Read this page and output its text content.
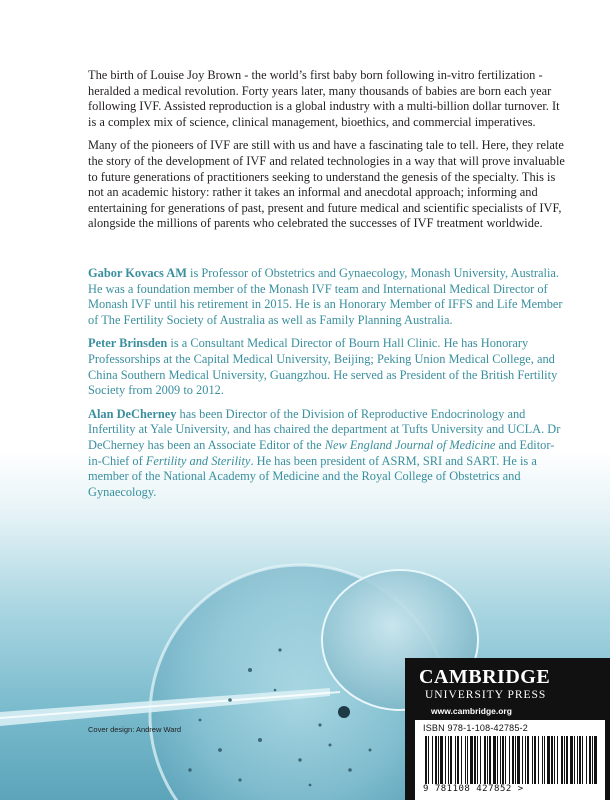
The birth of Louise Joy Brown - the world’s first baby born following in-vitro fertilization - heralded a medical revolution. Forty years later, many thousands of babies are born each year following IVF. Assisted reproduction is a global industry with a multi-billion dollar turnover. It is a complex mix of science, clinical management, bioethics, and commercial imperatives.

Many of the pioneers of IVF are still with us and have a fascinating tale to tell. Here, they relate the story of the development of IVF and related technologies in a way that will prove invaluable to future generations of practitioners seeking to understand the genesis of the specialty. This is not an academic history: rather it takes an informal and anecdotal approach; informing and entertaining for generations of past, present and future medical and scientific specialists of IVF, alongside the millions of parents who celebrated the successes of IVF treatment worldwide.

Gabor Kovacs AM is Professor of Obstetrics and Gynaecology, Monash University, Australia. He was a foundation member of the Monash IVF team and International Medical Director of Monash IVF until his retirement in 2015. He is an Honorary Member of IFFS and Life Member of The Fertility Society of Australia as well as Family Planning Australia.

Peter Brinsden is a Consultant Medical Director of Bourn Hall Clinic. He has Honorary Professorships at the Capital Medical University, Beijing; Peking Union Medical College, and China Southern Medical University, Guangzhou. He served as President of the British Fertility Society from 2009 to 2012.

Alan DeCherney has been Director of the Division of Reproductive Endocrinology and Infertility at Yale University, and has chaired the department at Tufts University and UCLA. Dr DeCherney has been an Associate Editor of the New England Journal of Medicine and Editor-in-Chief of Fertility and Sterility. He has been president of ASRM, SRI and SART. He is a member of the National Academy of Medicine and the Royal College of Obstetrics and Gynaecology.

Cover design: Andrew Ward
CAMBRIDGE
UNIVERSITY PRESS
www.cambridge.org
ISBN 978-1-108-42785-2
9 781108 427852 >
